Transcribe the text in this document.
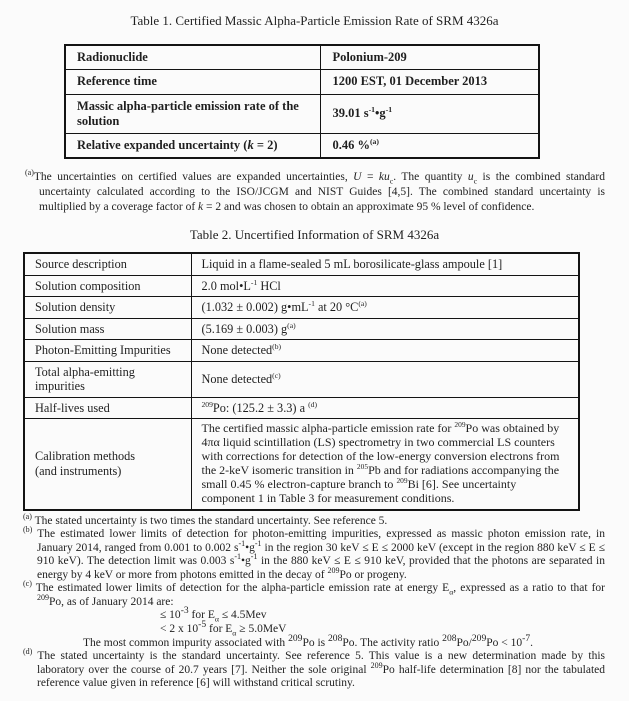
Table 1. Certified Massic Alpha-Particle Emission Rate of SRM 4326a
Radionuclide	Polonium-209
Reference time	1200 EST, 01 December 2013
Massic alpha-particle emission rate of the solution	39.01 $s^{-1}•g^{-1}$
Relative expanded uncertainty (k = 2)	0.46 %$^{(a)}$

$^{(a)}$The uncertainties on certified values are expanded uncertainties, $U = ku_c$. The quantity $u_c$ is the combined standard uncertainty calculated according to the ISO/JCGM and NIST Guides [4,5]. The combined standard uncertainty is multiplied by a coverage factor of k = 2 and was chosen to obtain an approximate 95 % level of confidence.

Table 2. Uncertified Information of SRM 4326a
Source description	Liquid in a flame-sealed 5 mL borosilicate-glass ampoule [1]
Solution composition	2.0 $mol•L^{-1}$ HCl
Solution density	(1.032 ± 0.002) $g•mL^{-1}$ at 20 $^\circ C^{(a)}$
Solution mass	(5.169 ± 0.003) $g^{(a)}$
Photon-Emitting Impurities	None detected$^{(b)}$
Total alpha-emitting impurities	None detected$^{(c)}$
Half-lives used	$^{209}$Po: (125.2 ± 3.3) a $^{(d)}$
Calibration methods
(and instruments)	The certified massic alpha-particle emission rate for $^{209}$Po was obtained by 4πα liquid scintillation (LS) spectrometry in two commercial LS counters with corrections for detection of the low-energy conversion electrons from the 2-keV isomeric transition in $^{205}$Pb and for radiations accompanying the small 0.45 % electron-capture branch to $^{209}$Bi [6]. See uncertainty component 1 in Table 3 for measurement conditions.

$^{(a)}$ The stated uncertainty is two times the standard uncertainty. See reference 5.

$^{(b)}$ The estimated lower limits of detection for photon-emitting impurities, expressed as massic photon emission rate, in January 2014, ranged from 0.001 to 0.002 $s^{-1}•g^{-1}$ in the region 30 keV ≤ E ≤ 2000 keV (except in the region 880 keV ≤ E ≤ 910 keV). The detection limit was 0.003 $s^{-1}•g^{-1}$ in the 880 keV ≤ E ≤ 910 keV, provided that the photons are separated in energy by 4 keV or more from photons emitted in the decay of $^{209}$Po or progeny.

$^{(c)}$ The estimated lower limits of detection for the alpha-particle emission rate at energy $E_\alpha$, expressed as a ratio to that for $^{209}$Po, as of January 2014 are:

≤ $10^{-3}$ for $E_\alpha \le 4.5Mev$
< 2 x $10^{-5}$ for $E_\alpha \ge 5.0MeV$
The most common impurity associated with $^{209}$Po is $^{208}$Po. The activity ratio $^{208}Po/^{209}Po < 10^{-7}$.

$^{(d)}$ The stated uncertainty is the standard uncertainty. See reference 5. This value is a new determination made by this laboratory over the course of 20.7 years [7]. Neither the sole original $^{209}$Po half-life determination [8] nor the tabulated reference value given in reference [6] will withstand critical scrutiny.
